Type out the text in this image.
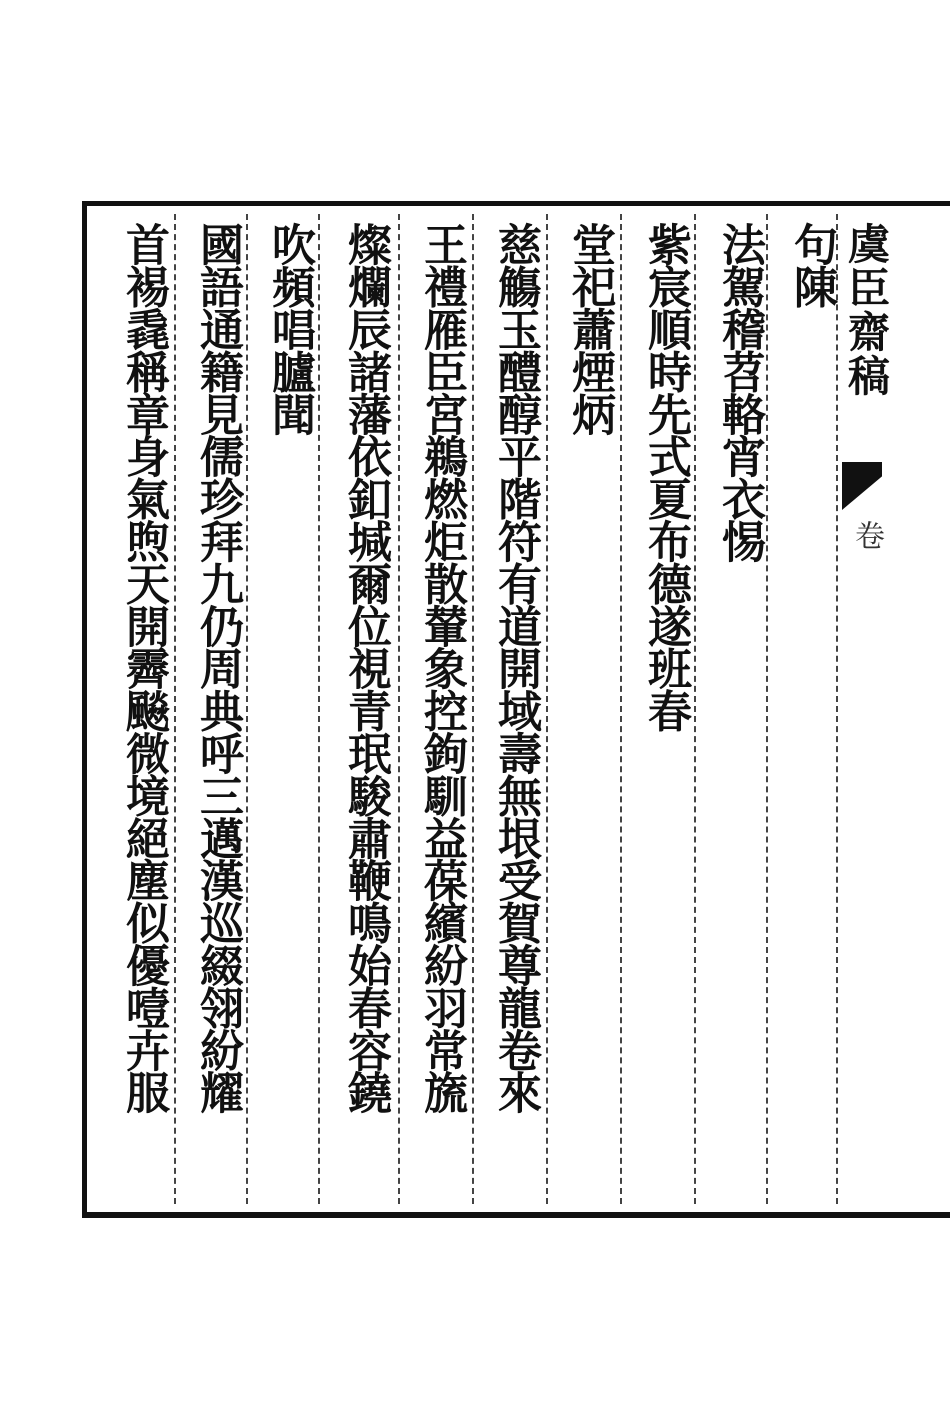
虞臣齋稿
卷
句陳
法駕稽苕輅宵衣惕
紫宸順時先式夏布德遂班春
堂祀蕭煙炳
慈觴玉醴醇平階符有道開域壽無垠受賀尊龍卷來
王禮雁臣宮鵜燃炬散輦象控鉤馴益葆繽紛羽常旒
燦爛辰諸藩依釦堿爾位視青珉駿肅鞭鳴始春容鐃
吹頻唱臚聞
國語通籍見儒珍拜九仍周典呼三邁漢巡綴翎紛耀
首裼毳稱章身氣煦天開霽飈微境絕塵似優噎卉服
